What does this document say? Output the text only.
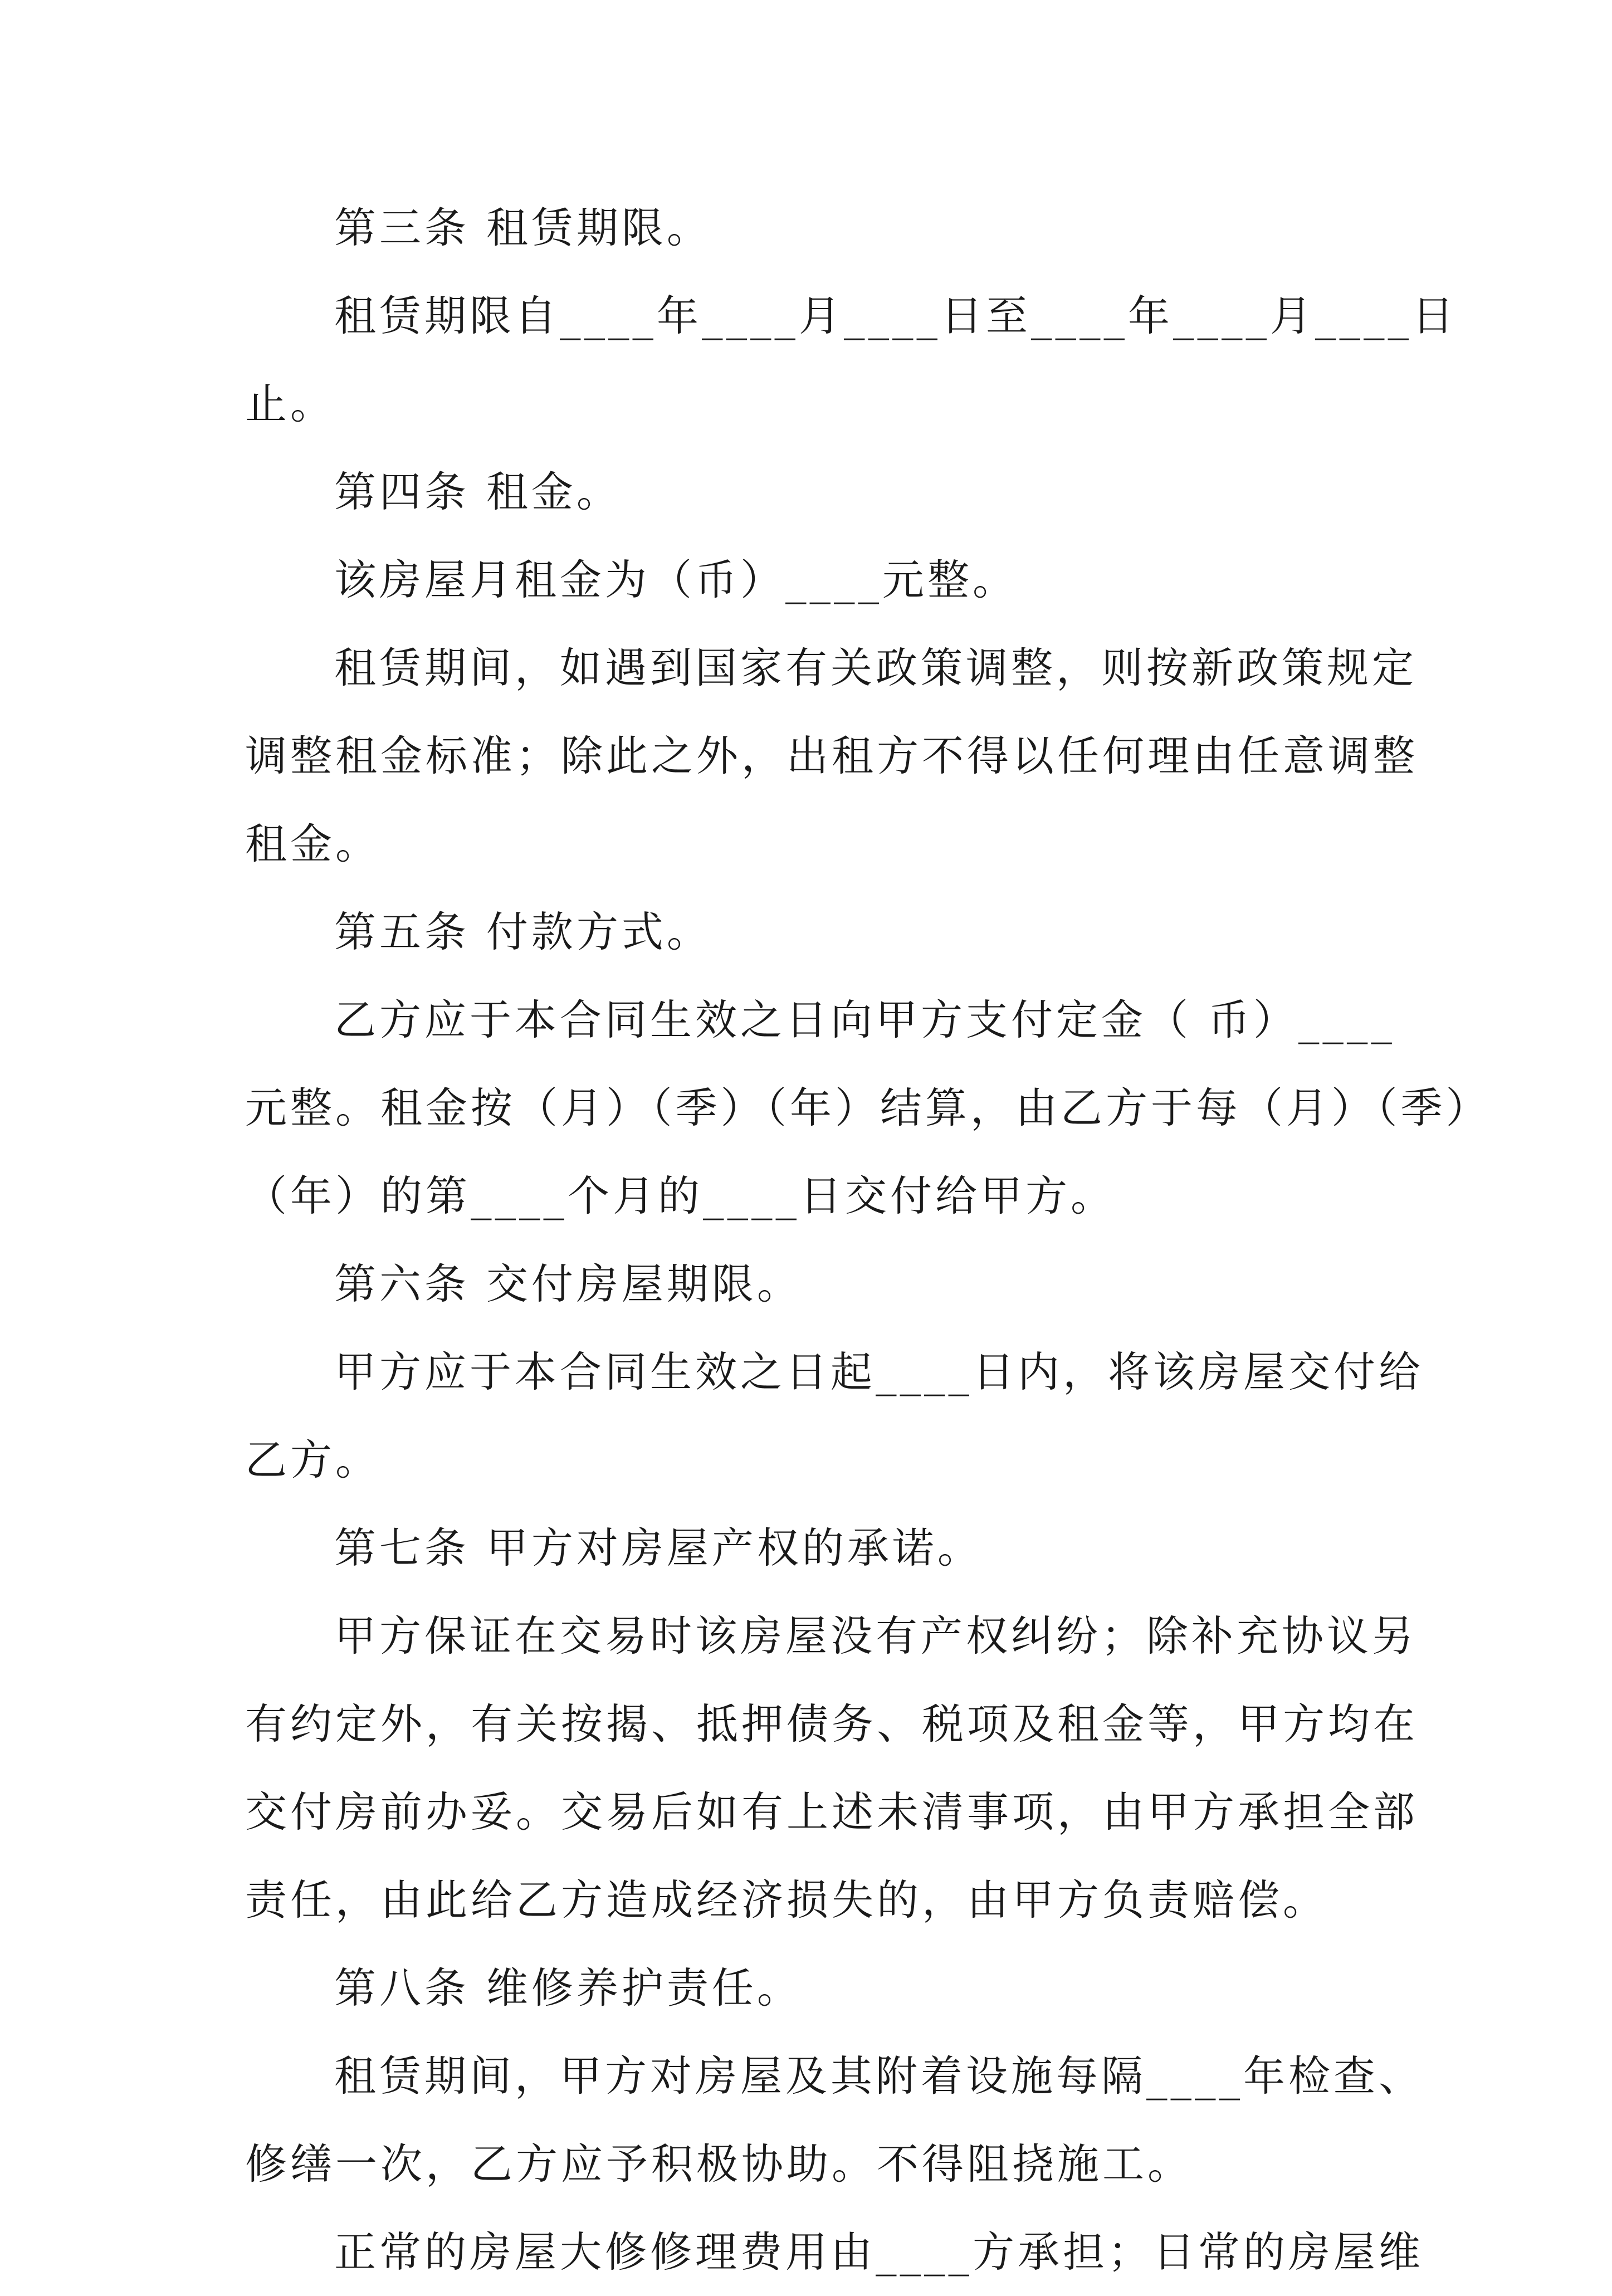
第三条 租赁期限。
租赁期限自____年____月____日至____年____月____日
止。
第四条 租金。
该房屋月租金为（币）____元整。
租赁期间，如遇到国家有关政策调整，则按新政策规定
调整租金标准；除此之外，出租方不得以任何理由任意调整
租金。
第五条 付款方式。
乙方应于本合同生效之日向甲方支付定金（ 币）____
元整。租金按（月）（季）（年）结算，由乙方于每（月）（季）
（年）的第____个月的____日交付给甲方。
第六条 交付房屋期限。
甲方应于本合同生效之日起____日内，将该房屋交付给
乙方。
第七条 甲方对房屋产权的承诺。
甲方保证在交易时该房屋没有产权纠纷；除补充协议另
有约定外，有关按揭、抵押债务、税项及租金等，甲方均在
交付房前办妥。交易后如有上述未清事项，由甲方承担全部
责任，由此给乙方造成经济损失的，由甲方负责赔偿。
第八条 维修养护责任。
租赁期间，甲方对房屋及其附着设施每隔____年检查、
修缮一次，乙方应予积极协助。不得阻挠施工。
正常的房屋大修修理费用由____方承担；日常的房屋维
